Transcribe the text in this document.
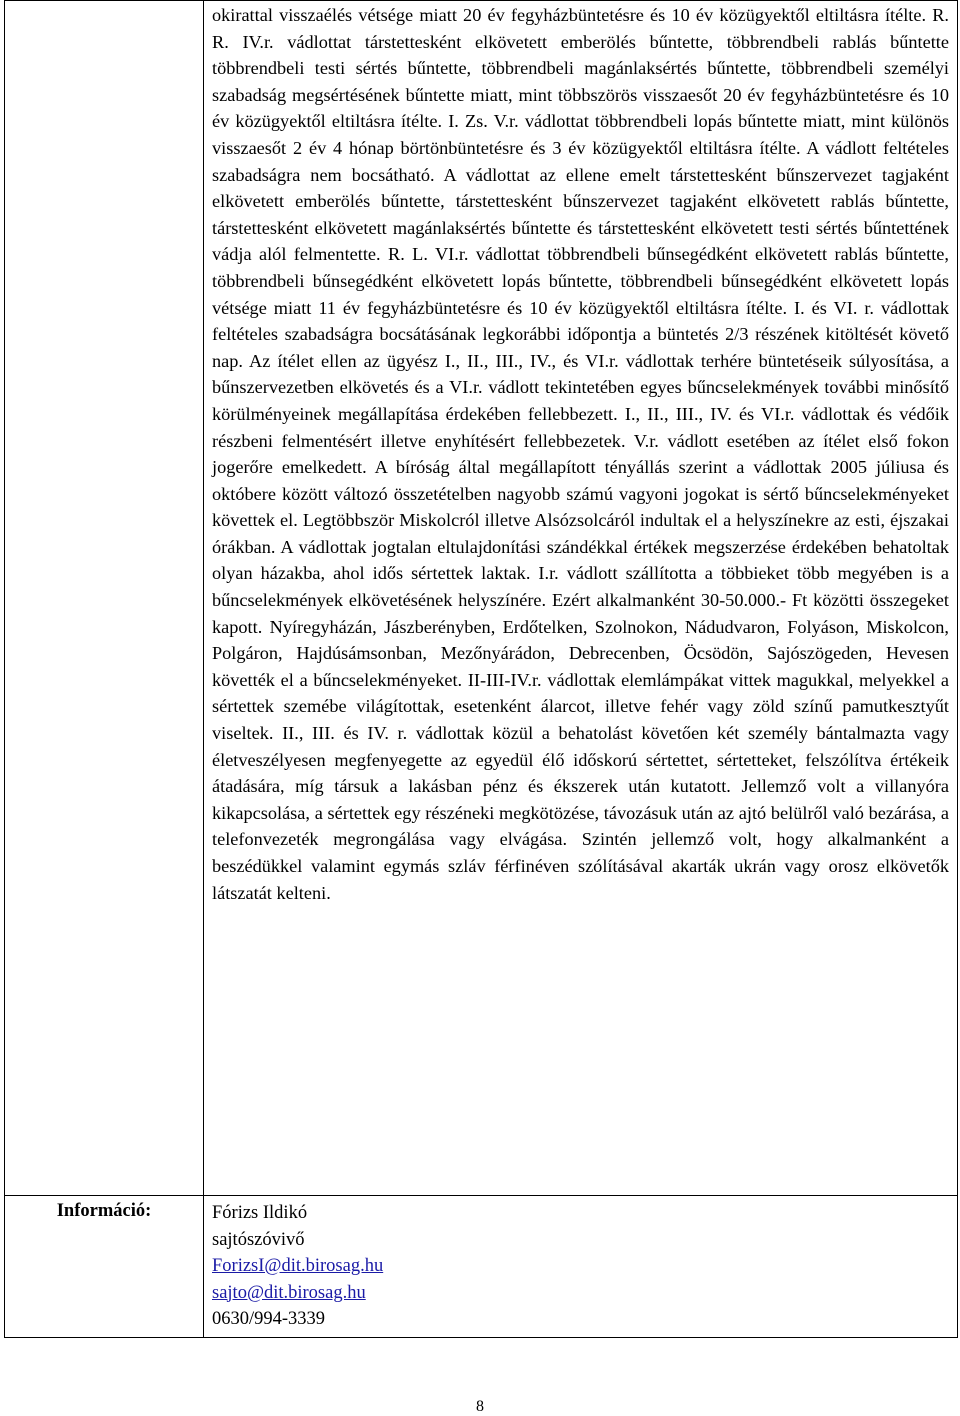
	okirattal visszaélés vétsége miatt 20 év fegyházbüntetésre és 10 év közügyektől eltiltásra ítélte. R. R. IV.r. vádlottat társtettesként elkövetett emberölés bűntette, többrendbeli rablás bűntette többrendbeli testi sértés bűntette, többrendbeli magánlaksértés bűntette, többrendbeli személyi szabadság megsértésének bűntette miatt, mint többszörös visszaesőt 20 év fegyházbüntetésre és 10 év közügyektől eltiltásra ítélte. I. Zs. V.r. vádlottat többrendbeli lopás bűntette miatt, mint különös visszaesőt 2 év 4 hónap börtönbüntetésre és 3 év közügyektől eltiltásra ítélte. A vádlott feltételes szabadságra nem bocsátható. A vádlottat az ellene emelt társtettesként bűnszervezet tagjaként elkövetett emberölés bűntette, társtettesként bűnszervezet tagjaként elkövetett rablás bűntette, társtettesként elkövetett magánlaksértés bűntette és társtettesként elkövetett testi sértés bűntettének vádja alól felmentette. R. L. VI.r. vádlottat többrendbeli bűnsegédként elkövetett rablás bűntette, többrendbeli bűnsegédként elkövetett lopás bűntette, többrendbeli bűnsegédként elkövetett lopás vétsége miatt 11 év fegyházbüntetésre és 10 év közügyektől eltiltásra ítélte. I. és VI. r. vádlottak feltételes szabadságra bocsátásának legkorábbi időpontja a büntetés 2/3 részének kitöltését követő nap. Az ítélet ellen az ügyész I., II., III., IV., és VI.r. vádlottak terhére büntetéseik súlyosítása, a bűnszervezetben elkövetés és a VI.r. vádlott tekintetében egyes bűncselekmények további minősítő körülményeinek megállapítása érdekében fellebbezett. I., II., III., IV. és VI.r. vádlottak és védőik részbeni felmentésért illetve enyhítésért fellebbezetek. V.r. vádlott esetében az ítélet első fokon jogerőre emelkedett. A bíróság által megállapított tényállás szerint a vádlottak 2005 júliusa és októbere között változó összetételben nagyobb számú vagyoni jogokat is sértő bűncselekményeket követtek el. Legtöbbször Miskolcról illetve Alsózsolcáról indultak el a helyszínekre az esti, éjszakai órákban. A vádlottak jogtalan eltulajdonítási szándékkal értékek megszerzése érdekében behatoltak olyan házakba, ahol idős sértettek laktak. I.r. vádlott szállította a többieket több megyében is a bűncselekmények elkövetésének helyszínére. Ezért alkalmanként 30-50.000.- Ft közötti összegeket kapott. Nyíregyházán, Jászberényben, Erdőtelken, Szolnokon, Nádudvaron, Folyáson, Miskolcon, Polgáron, Hajdúsámsonban, Mezőnyárádon, Debrecenben, Öcsödön, Sajószögeden, Hevesen követték el a bűncselekményeket. II-III-IV.r. vádlottak elemlámpákat vittek magukkal, melyekkel a sértettek szemébe világítottak, esetenként álarcot, illetve fehér vagy zöld színű pamutkesztyűt viseltek. II., III. és IV. r. vádlottak közül a behatolást követően két személy bántalmazta vagy életveszélyesen megfenyegette az egyedül élő időskorú sértettet, sértetteket, felszólítva értékeik átadására, míg társuk a lakásban pénz és ékszerek után kutatott. Jellemző volt a villanyóra kikapcsolása, a sértettek egy részéneki megkötözése, távozásuk után az ajtó belülről való bezárása, a telefonvezeték megrongálása vagy elvágása. Szintén jellemző volt, hogy alkalmanként a beszédükkel valamint egymás szláv férfinéven szólításával akarták ukrán vagy orosz elkövetők látszatát kelteni.

Információ:	Fórizs Ildikó
sajtószóvivő
ForizsI@dit.birosag.hu
sajto@dit.birosag.hu
0630/994-3339
8
